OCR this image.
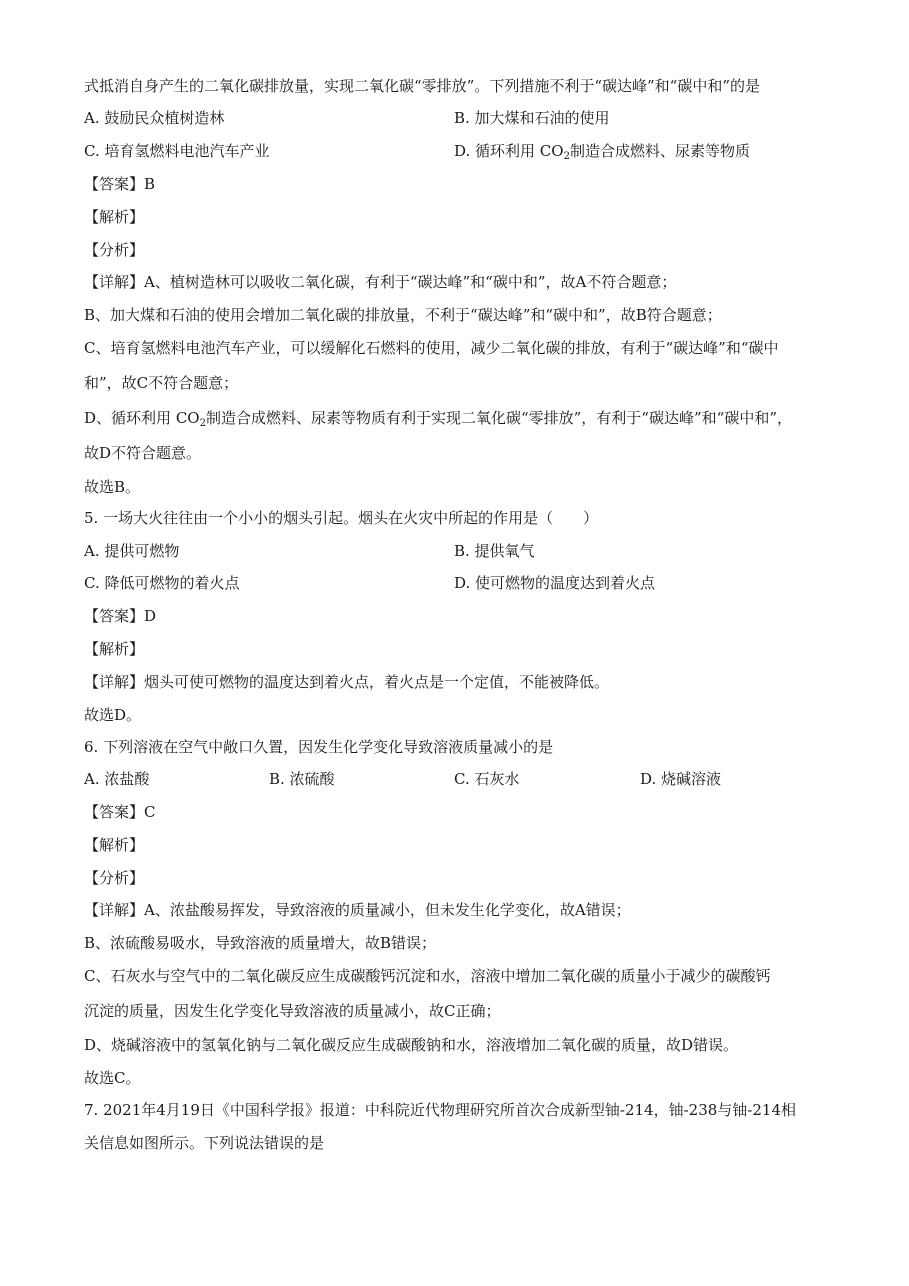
式抵消自身产生的二氧化碳排放量，实现二氧化碳“零排放”。下列措施不利于“碳达峰”和“碳中和”的是
A. 鼓励民众植树造林	B. 加大煤和石油的使用
C. 培育氢燃料电池汽车产业	D. 循环利用 $CO_2$制造合成燃料、尿素等物质
【答案】B
【解析】
【分析】
【详解】A、植树造林可以吸收二氧化碳，有利于“碳达峰”和“碳中和”，故A不符合题意；
B、加大煤和石油的使用会增加二氧化碳的排放量，不利于“碳达峰”和“碳中和”，故B符合题意；
C、培育氢燃料电池汽车产业，可以缓解化石燃料的使用，减少二氧化碳的排放，有利于“碳达峰”和“碳中
和”，故C不符合题意；
D、循环利用 $CO_2$制造合成燃料、尿素等物质有利于实现二氧化碳“零排放”，有利于“碳达峰”和“碳中和”，
故D不符合题意。
故选B。
5. 一场大火往往由一个小小的烟头引起。烟头在火灾中所起的作用是（　　）
A. 提供可燃物	B. 提供氧气
C. 降低可燃物的着火点	D. 使可燃物的温度达到着火点
【答案】D
【解析】
【详解】烟头可使可燃物的温度达到着火点，着火点是一个定值，不能被降低。
故选D。
6. 下列溶液在空气中敞口久置，因发生化学变化导致溶液质量减小的是
A. 浓盐酸	B. 浓硫酸	C. 石灰水	D. 烧碱溶液
【答案】C
【解析】
【分析】
【详解】A、浓盐酸易挥发，导致溶液的质量减小，但未发生化学变化，故A错误；
B、浓硫酸易吸水，导致溶液的质量增大，故B错误；
C、石灰水与空气中的二氧化碳反应生成碳酸钙沉淀和水，溶液中增加二氧化碳的质量小于减少的碳酸钙
沉淀的质量，因发生化学变化导致溶液的质量减小，故C正确；
D、烧碱溶液中的氢氧化钠与二氧化碳反应生成碳酸钠和水，溶液增加二氧化碳的质量，故D错误。
故选C。
7. 2021年4月19日《中国科学报》报道：中科院近代物理研究所首次合成新型铀-214，铀-238与铀-214相
关信息如图所示。下列说法错误的是
